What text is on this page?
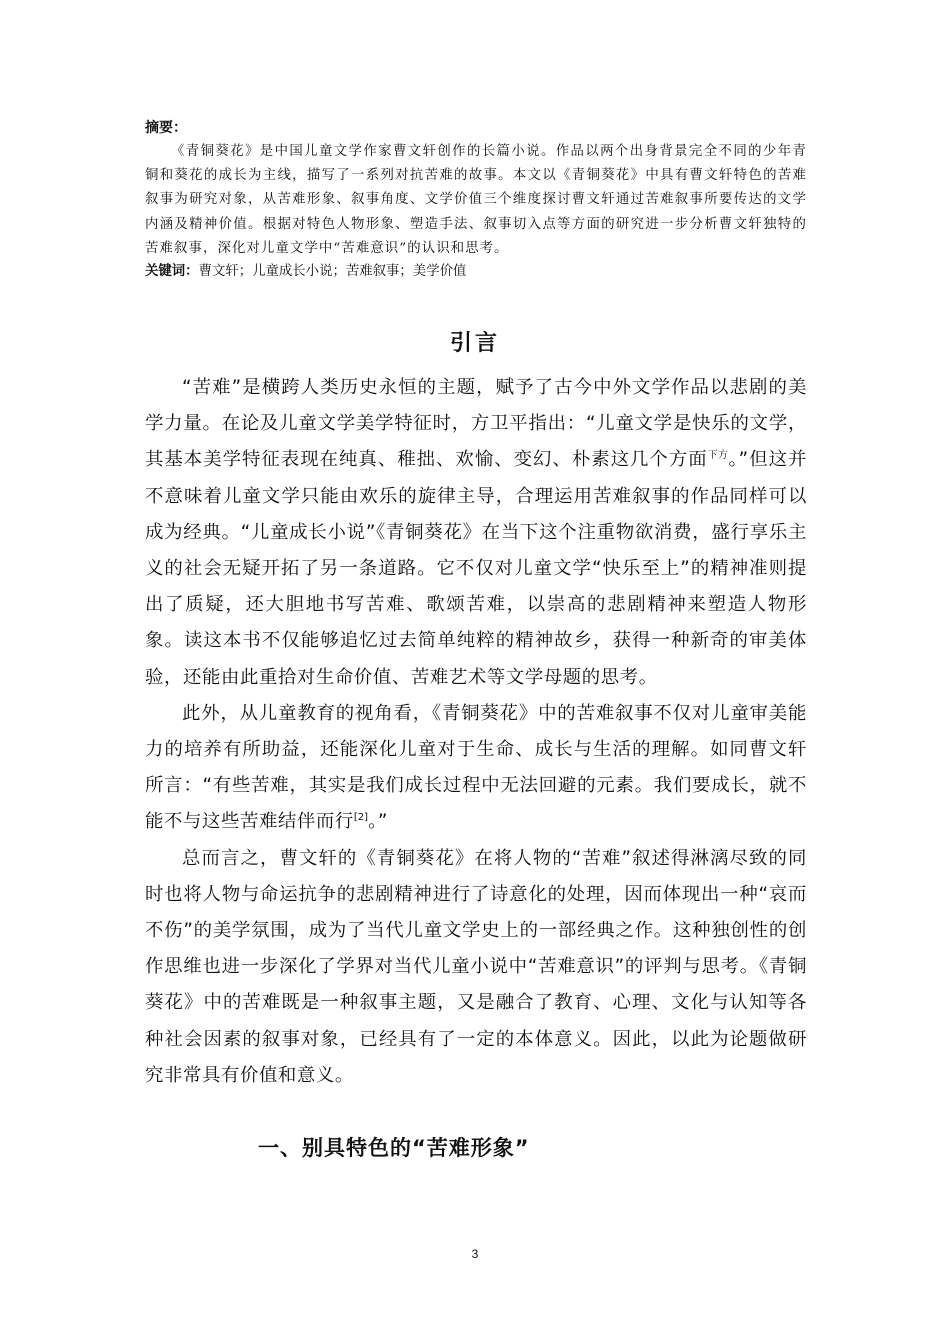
摘要：

《青铜葵花》是中国儿童文学作家曹文轩创作的长篇小说。作品以两个出身背景完全不同的少年青铜和葵花的成长为主线，描写了一系列对抗苦难的故事。本文以《青铜葵花》中具有曹文轩特色的苦难叙事为研究对象，从苦难形象、叙事角度、文学价值三个维度探讨曹文轩通过苦难叙事所要传达的文学内涵及精神价值。根据对特色人物形象、塑造手法、叙事切入点等方面的研究进一步分析曹文轩独特的苦难叙事，深化对儿童文学中“苦难意识”的认识和思考。

关键词：曹文轩；儿童成长小说；苦难叙事；美学价值
引言

“苦难”是横跨人类历史永恒的主题，赋予了古今中外文学作品以悲剧的美学力量。在论及儿童文学美学特征时，方卫平指出：“儿童文学是快乐的文学，其基本美学特征表现在纯真、稚拙、欢愉、变幻、朴素这几个方面$^{下方}$。”但这并不意味着儿童文学只能由欢乐的旋律主导，合理运用苦难叙事的作品同样可以成为经典。“儿童成长小说”《青铜葵花》在当下这个注重物欲消费，盛行享乐主义的社会无疑开拓了另一条道路。它不仅对儿童文学“快乐至上”的精神准则提出了质疑，还大胆地书写苦难、歌颂苦难，以崇高的悲剧精神来塑造人物形象。读这本书不仅能够追忆过去简单纯粹的精神故乡，获得一种新奇的审美体验，还能由此重拾对生命价值、苦难艺术等文学母题的思考。

此外，从儿童教育的视角看，《青铜葵花》中的苦难叙事不仅对儿童审美能力的培养有所助益，还能深化儿童对于生命、成长与生活的理解。如同曹文轩所言：“有些苦难，其实是我们成长过程中无法回避的元素。我们要成长，就不能不与这些苦难结伴而行[2]。”

总而言之，曹文轩的《青铜葵花》在将人物的“苦难”叙述得淋漓尽致的同时也将人物与命运抗争的悲剧精神进行了诗意化的处理，因而体现出一种“哀而不伤”的美学氛围，成为了当代儿童文学史上的一部经典之作。这种独创性的创作思维也进一步深化了学界对当代儿童小说中“苦难意识”的评判与思考。《青铜葵花》中的苦难既是一种叙事主题，又是融合了教育、心理、文化与认知等各种社会因素的叙事对象，已经具有了一定的本体意义。因此，以此为论题做研究非常具有价值和意义。

一、别具特色的“苦难形象”
3
